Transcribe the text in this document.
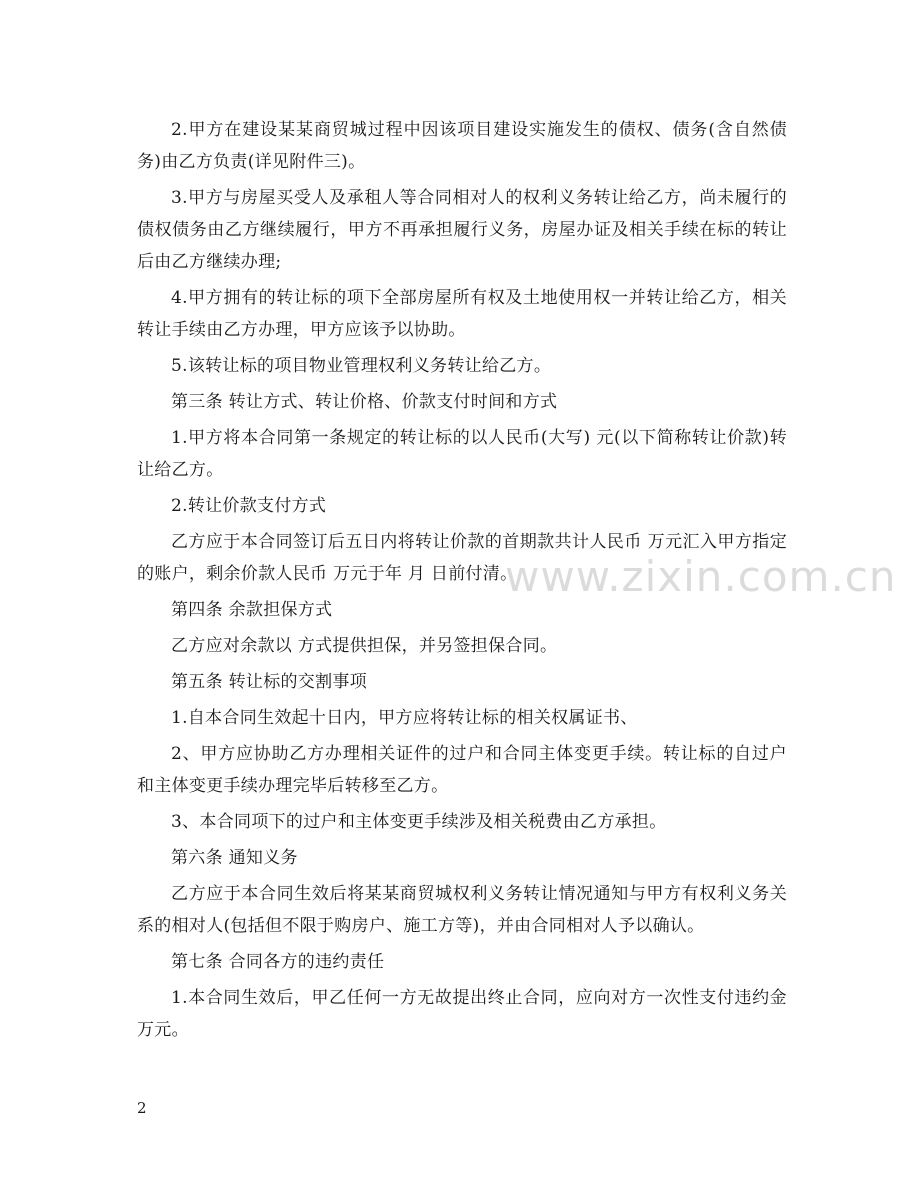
2.甲方在建设某某商贸城过程中因该项目建设实施发生的债权、债务(含自然债务)由乙方负责(详见附件三)。

3.甲方与房屋买受人及承租人等合同相对人的权利义务转让给乙方，尚未履行的债权债务由乙方继续履行，甲方不再承担履行义务，房屋办证及相关手续在标的转让后由乙方继续办理;

4.甲方拥有的转让标的项下全部房屋所有权及土地使用权一并转让给乙方，相关转让手续由乙方办理，甲方应该予以协助。

5.该转让标的项目物业管理权利义务转让给乙方。

第三条 转让方式、转让价格、价款支付时间和方式

1.甲方将本合同第一条规定的转让标的以人民币(大写) 元(以下简称转让价款)转让给乙方。

2.转让价款支付方式

乙方应于本合同签订后五日内将转让价款的首期款共计人民币 万元汇入甲方指定的账户，剩余价款人民币 万元于年 月 日前付清。

第四条 余款担保方式

乙方应对余款以 方式提供担保，并另签担保合同。

第五条 转让标的交割事项

1.自本合同生效起十日内，甲方应将转让标的相关权属证书、

2、甲方应协助乙方办理相关证件的过户和合同主体变更手续。转让标的自过户和主体变更手续办理完毕后转移至乙方。

3、本合同项下的过户和主体变更手续涉及相关税费由乙方承担。

第六条 通知义务

乙方应于本合同生效后将某某商贸城权利义务转让情况通知与甲方有权利义务关系的相对人(包括但不限于购房户、施工方等)，并由合同相对人予以确认。

第七条 合同各方的违约责任

1.本合同生效后，甲乙任何一方无故提出终止合同，应向对方一次性支付违约金 万元。

www.zixin.com.cn
2
